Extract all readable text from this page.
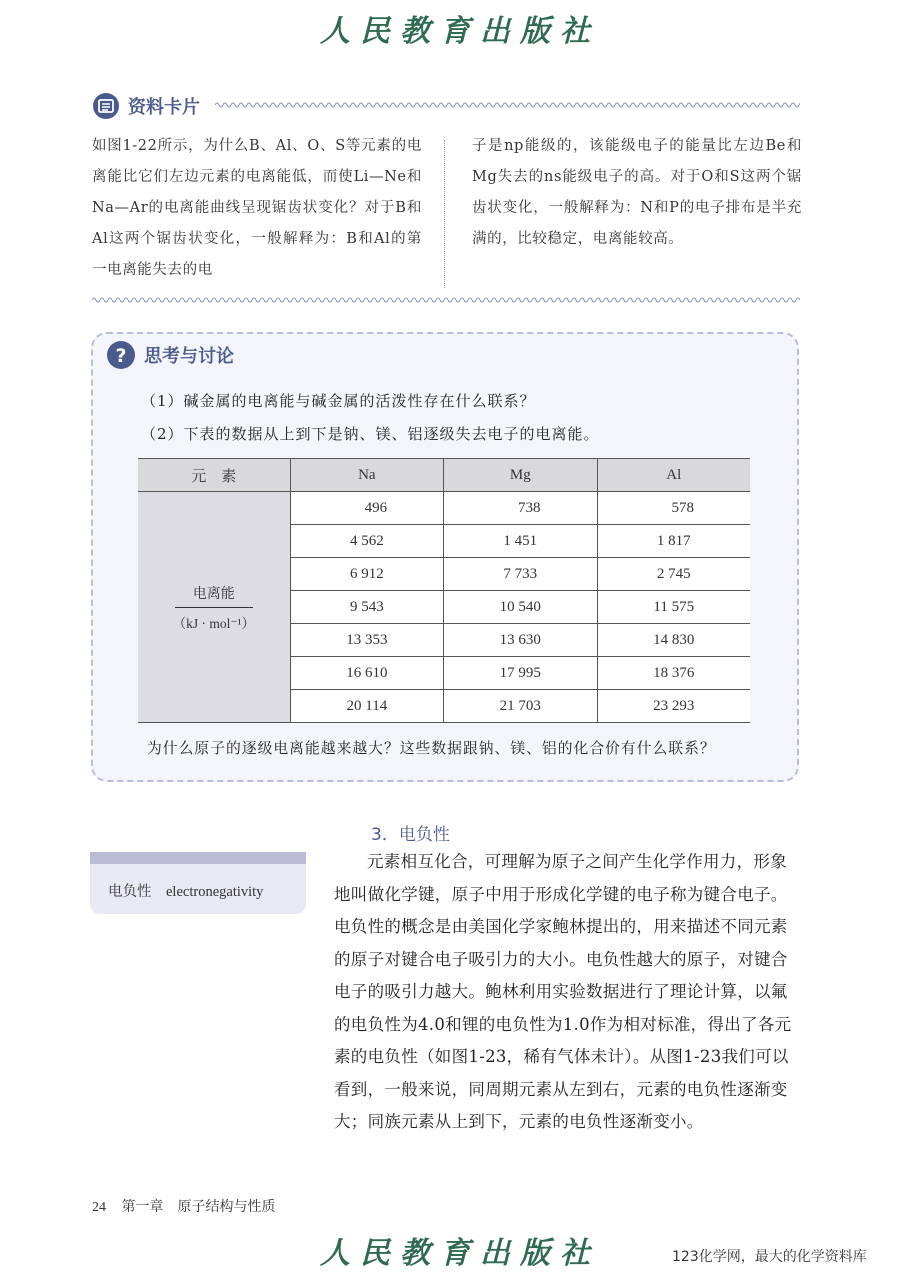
人民教育出版社
资料卡片
如图1-22所示，为什么B、Al、O、S等元素的电离能比它们左边元素的电离能低，而使Li—Ne和Na—Ar的电离能曲线呈现锯齿状变化？对于B和Al这两个锯齿状变化，一般解释为：B和Al的第一电离能失去的电
子是np能级的，该能级电子的能量比左边Be和Mg失去的ns能级电子的高。对于O和S这两个锯齿状变化，一般解释为：N和P的电子排布是半充满的，比较稳定，电离能较高。
? 思考与讨论
（1）碱金属的电离能与碱金属的活泼性存在什么联系？
（2）下表的数据从上到下是钠、镁、铝逐级失去电子的电离能。
元　素	Na	Mg	Al

电离能
（kJ · mol⁻¹）	496	738	578
	4 562	1 451	1 817
	6 912	7 733	2 745
	9 543	10 540	11 575
	13 353	13 630	14 830
	16 610	17 995	18 376
	20 114	21 703	23 293
为什么原子的逐级电离能越来越大？这些数据跟钠、镁、铝的化合价有什么联系？
3．电负性
电负性　electronegativity
元素相互化合，可理解为原子之间产生化学作用力，形象地叫做化学键，原子中用于形成化学键的电子称为键合电子。电负性的概念是由美国化学家鲍林提出的，用来描述不同元素的原子对键合电子吸引力的大小。电负性越大的原子，对键合电子的吸引力越大。鲍林利用实验数据进行了理论计算，以氟的电负性为4.0和锂的电负性为1.0作为相对标准，得出了各元素的电负性（如图1-23，稀有气体未计）。从图1-23我们可以看到，一般来说，同周期元素从左到右，元素的电负性逐渐变大；同族元素从上到下，元素的电负性逐渐变小。
24 第一章　原子结构与性质
人民教育出版社	123化学网，最大的化学资料库
